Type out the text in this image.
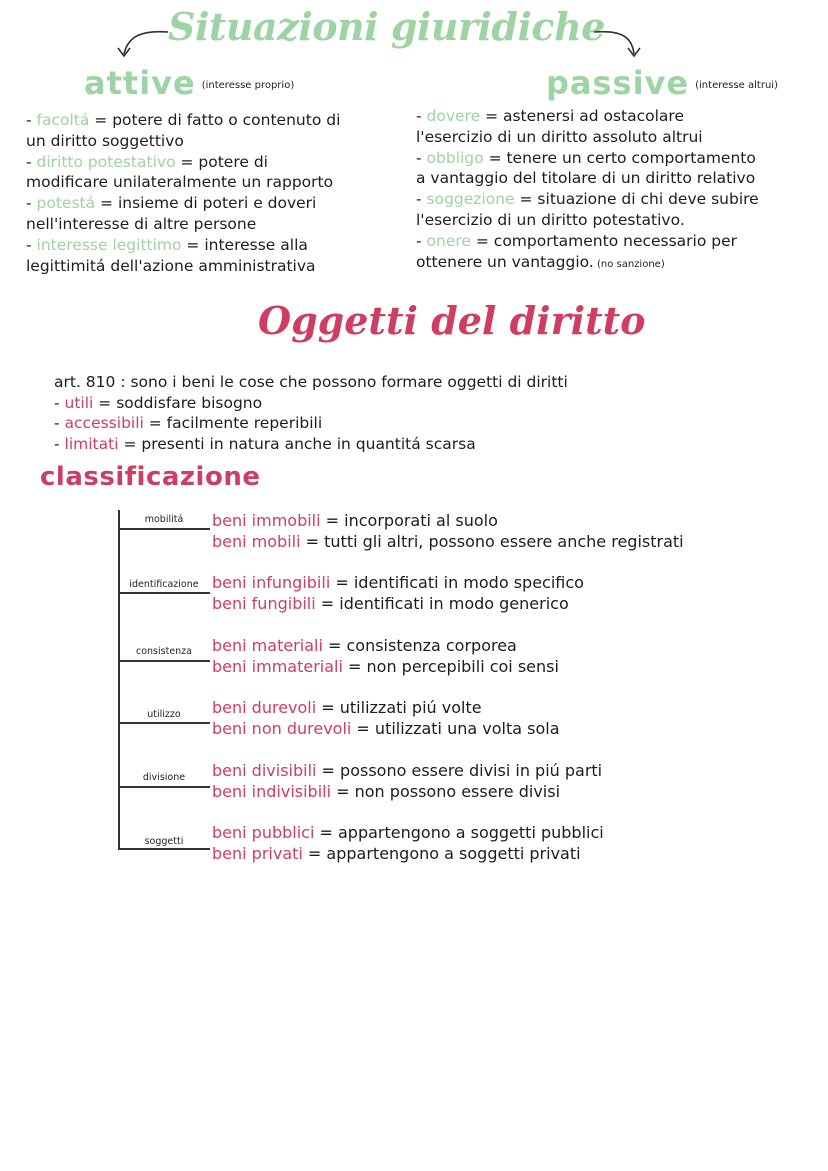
Situazioni giuridiche
attive (interesse proprio)	passive (interesse altrui)
- facoltá = potere di fatto o contenuto di
un diritto soggettivo
- diritto potestativo = potere di
modificare unilateralmente un rapporto
- potestá = insieme di poteri e doveri
nell'interesse di altre persone
- interesse legittimo = interesse alla
legittimitá dell'azione amministrativa
- dovere = astenersi ad ostacolare
l'esercizio di un diritto assoluto altrui
- obbligo = tenere un certo comportamento
a vantaggio del titolare di un diritto relativo
- soggezione = situazione di chi deve subire
l'esercizio di un diritto potestativo.
- onere = comportamento necessario per
ottenere un vantaggio. (no sanzione)
Oggetti del diritto
art. 810 : sono i beni le cose che possono formare oggetti di diritti
- utili = soddisfare bisogno
- accessibili = facilmente reperibili
- limitati = presenti in natura anche in quantitá scarsa
classificazione
mobilitá	beni immobili = incorporati al suolo
beni mobili = tutti gli altri, possono essere anche registrati
identificazione beni infungibili = identificati in modo specifico
beni fungibili = identificati in modo generico
consistenza	beni materiali = consistenza corporea
beni immateriali = non percepibili coi sensi
utilizzo	beni durevoli = utilizzati piú volte
beni non durevoli = utilizzati una volta sola
divisione	beni divisibili = possono essere divisi in piú parti
beni indivisibili = non possono essere divisi
soggetti	beni pubblici = appartengono a soggetti pubblici
beni privati = appartengono a soggetti privati
